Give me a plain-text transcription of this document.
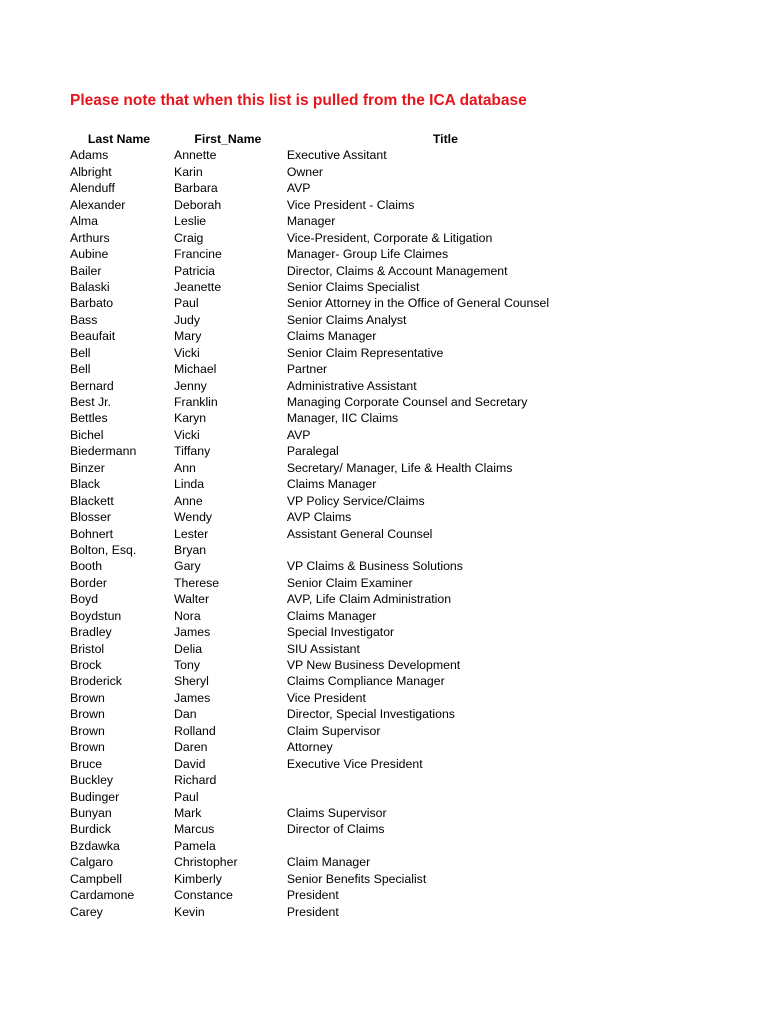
Please note that when this list is pulled from the ICA database
Last Name	First_Name	Title
Adams	Annette	Executive Assitant
Albright	Karin	Owner
Alenduff	Barbara	AVP
Alexander	Deborah	Vice President - Claims
Alma	Leslie	Manager
Arthurs	Craig	Vice-President, Corporate & Litigation
Aubine	Francine	Manager- Group Life Claimes
Bailer	Patricia	Director, Claims & Account Management
Balaski	Jeanette	Senior Claims Specialist
Barbato	Paul	Senior Attorney in the Office of General Counsel
Bass	Judy	Senior Claims Analyst
Beaufait	Mary	Claims Manager
Bell	Vicki	Senior Claim Representative
Bell	Michael	Partner
Bernard	Jenny	Administrative Assistant
Best Jr.	Franklin	Managing Corporate Counsel and Secretary
Bettles	Karyn	Manager, IIC Claims
Bichel	Vicki	AVP
Biedermann	Tiffany	Paralegal
Binzer	Ann	Secretary/ Manager, Life & Health Claims
Black	Linda	Claims Manager
Blackett	Anne	VP Policy Service/Claims
Blosser	Wendy	AVP Claims
Bohnert	Lester	Assistant General Counsel
Bolton, Esq.	Bryan	
Booth	Gary	VP Claims & Business Solutions
Border	Therese	Senior Claim Examiner
Boyd	Walter	AVP, Life Claim Administration
Boydstun	Nora	Claims Manager
Bradley	James	Special Investigator
Bristol	Delia	SIU Assistant
Brock	Tony	VP New Business Development
Broderick	Sheryl	Claims Compliance Manager
Brown	James	Vice President
Brown	Dan	Director, Special Investigations
Brown	Rolland	Claim Supervisor
Brown	Daren	Attorney
Bruce	David	Executive Vice President
Buckley	Richard	
Budinger	Paul	
Bunyan	Mark	Claims Supervisor
Burdick	Marcus	Director of Claims
Bzdawka	Pamela	
Calgaro	Christopher	Claim Manager
Campbell	Kimberly	Senior Benefits Specialist
Cardamone	Constance	President
Carey	Kevin	President
